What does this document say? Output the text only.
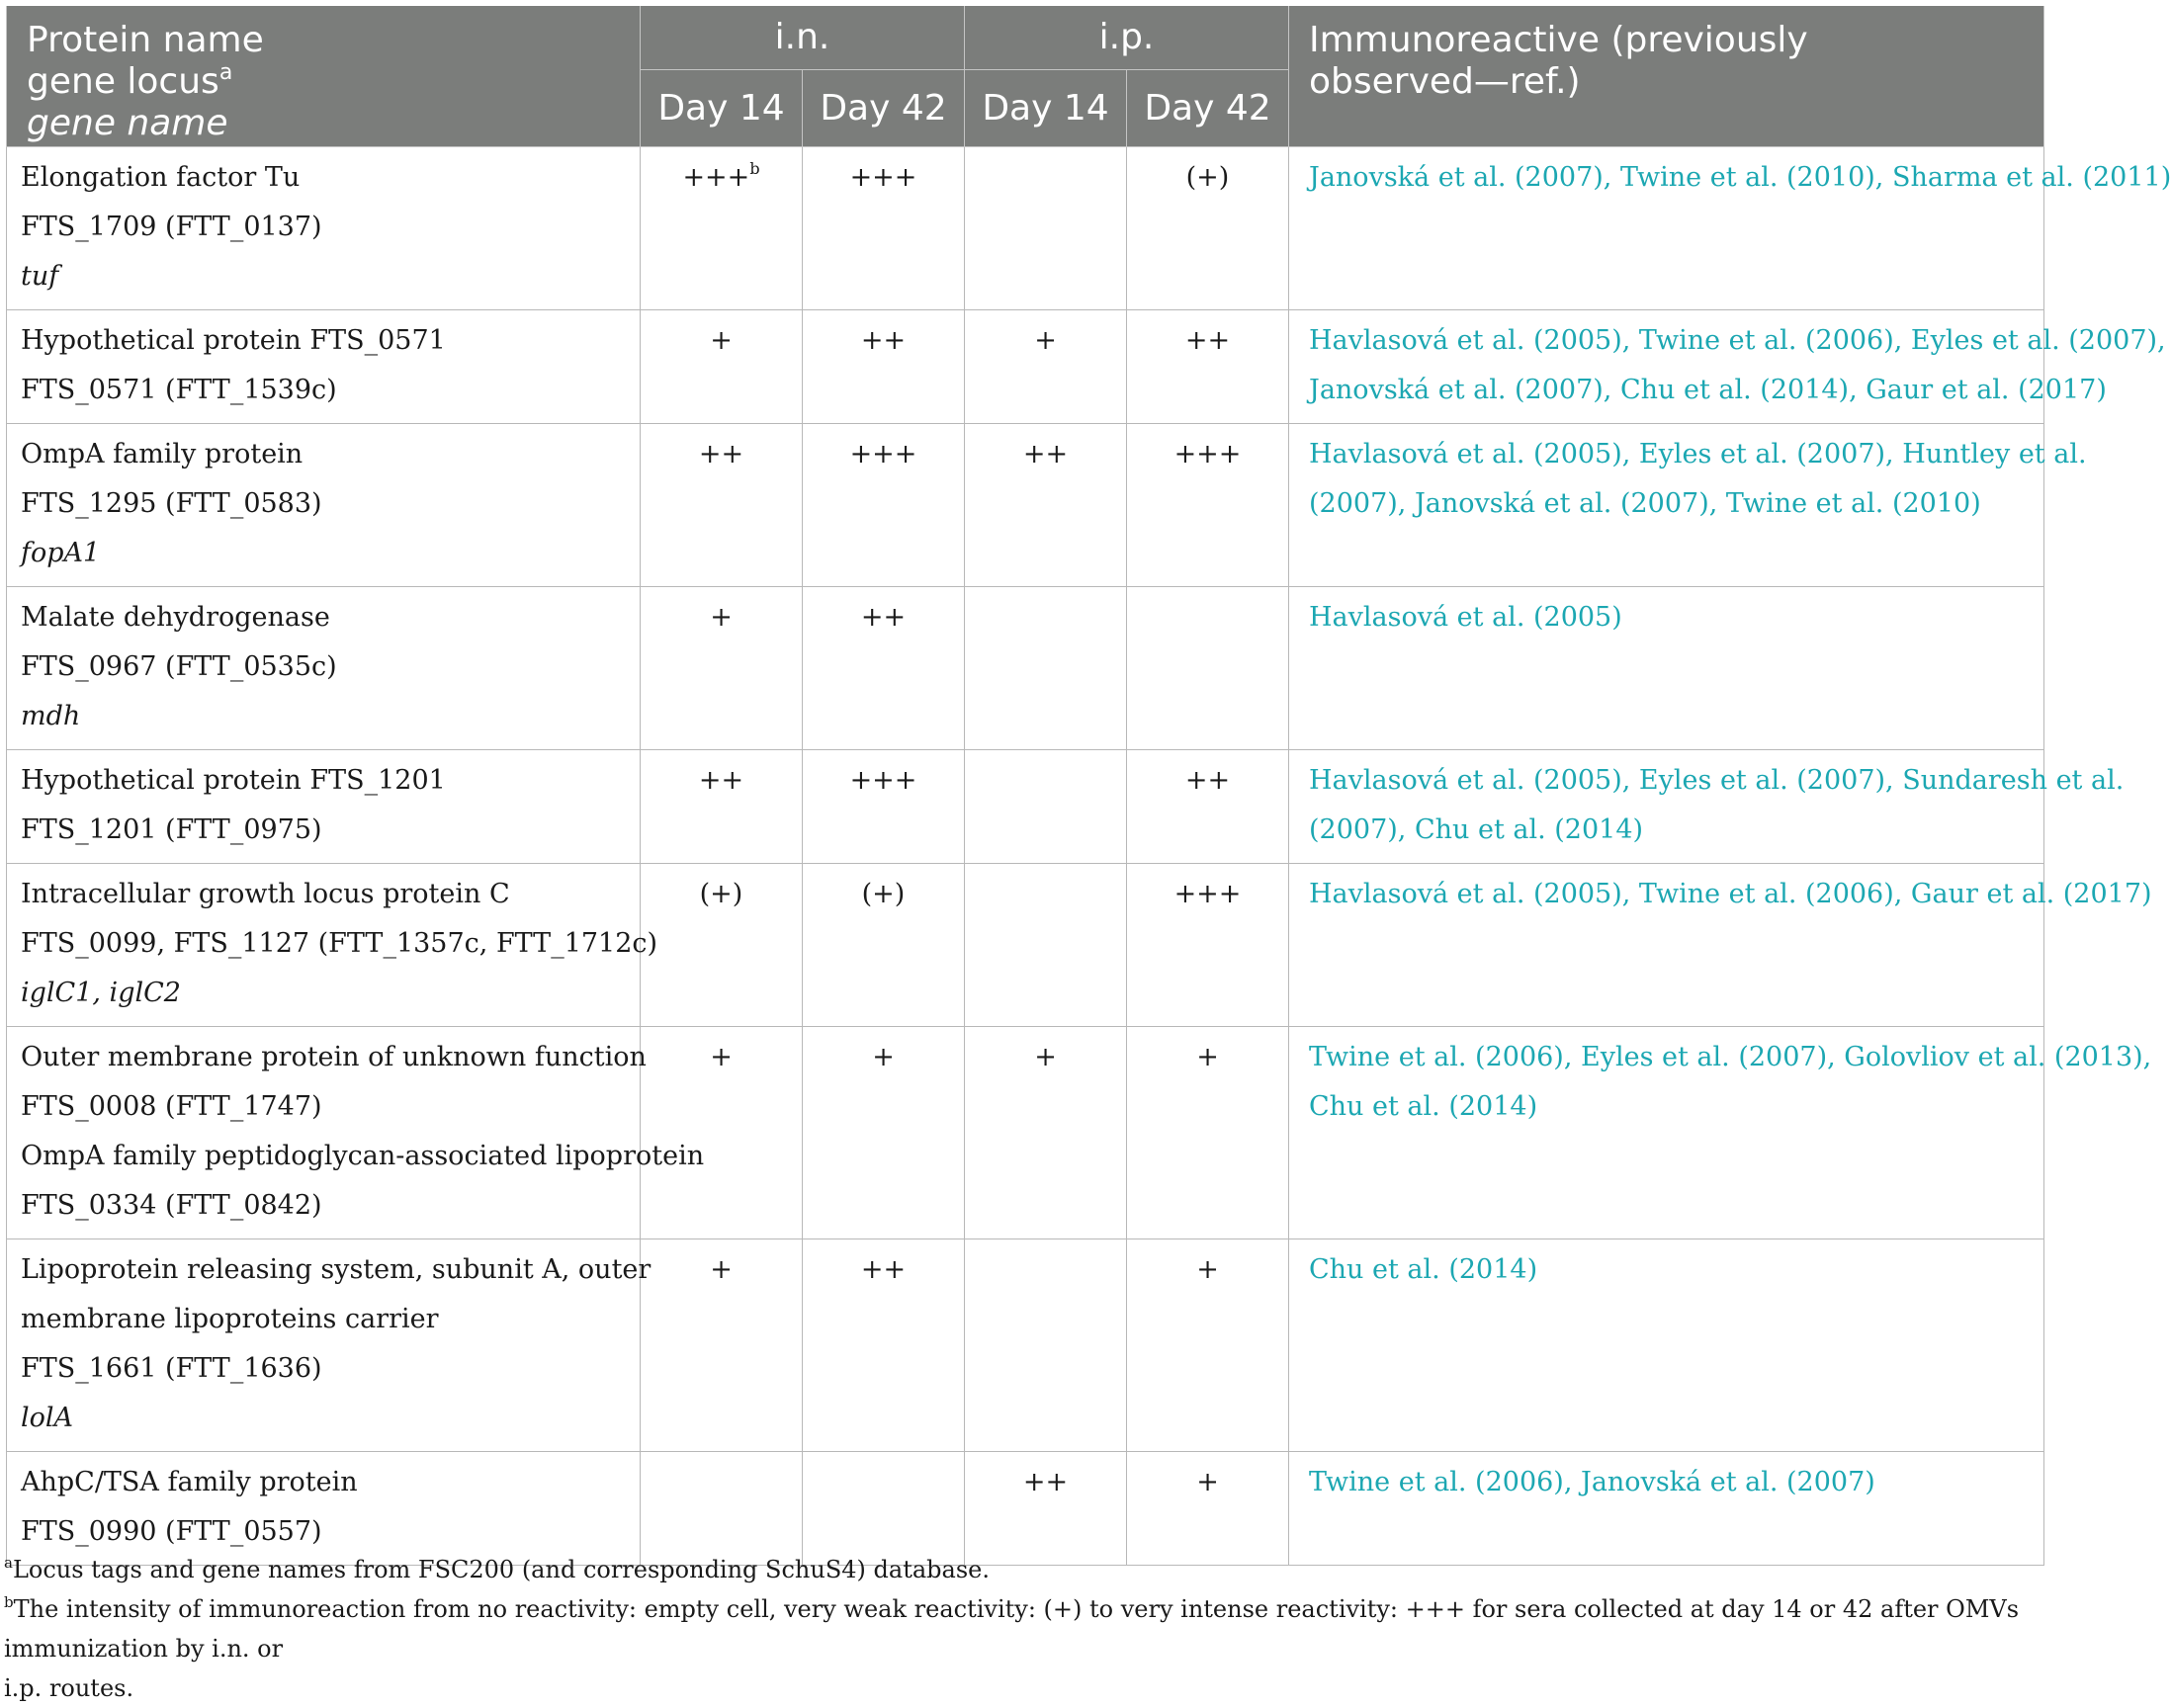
Protein name
gene locus$^a$
gene name	i.n.		i.p.		Immunoreactive (previously
observed—ref.)

	Day 14	Day 42	Day 14	Day 42	

Elongation factor Tu
FTS_1709 (FTT_0137)
tuf	+++$^b$	+++		(+)	Janovská et al. (2007), Twine et al. (2010), Sharma et al. (2011)

Hypothetical protein FTS_0571
FTS_0571 (FTT_1539c)	+	++	+	++	Havlasová et al. (2005), Twine et al. (2006), Eyles et al. (2007),
Janovská et al. (2007), Chu et al. (2014), Gaur et al. (2017)

OmpA family protein
FTS_1295 (FTT_0583)
fopA1	++	+++	++	+++	Havlasová et al. (2005), Eyles et al. (2007), Huntley et al.
(2007), Janovská et al. (2007), Twine et al. (2010)

Malate dehydrogenase
FTS_0967 (FTT_0535c)
mdh	+	++			Havlasová et al. (2005)

Hypothetical protein FTS_1201
FTS_1201 (FTT_0975)	++	+++		++	Havlasová et al. (2005), Eyles et al. (2007), Sundaresh et al.
(2007), Chu et al. (2014)

Intracellular growth locus protein C
FTS_0099, FTS_1127 (FTT_1357c, FTT_1712c)
iglC1, iglC2	(+)	(+)		+++	Havlasová et al. (2005), Twine et al. (2006), Gaur et al. (2017)

Outer membrane protein of unknown function
FTS_0008 (FTT_1747)
OmpA family peptidoglycan-associated lipoprotein
FTS_0334 (FTT_0842)	+	+	+	+	Twine et al. (2006), Eyles et al. (2007), Golovliov et al. (2013),
Chu et al. (2014)

Lipoprotein releasing system, subunit A, outer
membrane lipoproteins carrier
FTS_1661 (FTT_1636)
lolA	+	++		+	Chu et al. (2014)

AhpC/TSA family protein
FTS_0990 (FTT_0557)			++	+	Twine et al. (2006), Janovská et al. (2007)

$^a$Locus tags and gene names from FSC200 (and corresponding SchuS4) database.

$^b$The intensity of immunoreaction from no reactivity: empty cell, very weak reactivity: (+) to very intense reactivity: +++ for sera collected at day 14 or 42 after OMVs immunization by i.n. or

i.p. routes.
